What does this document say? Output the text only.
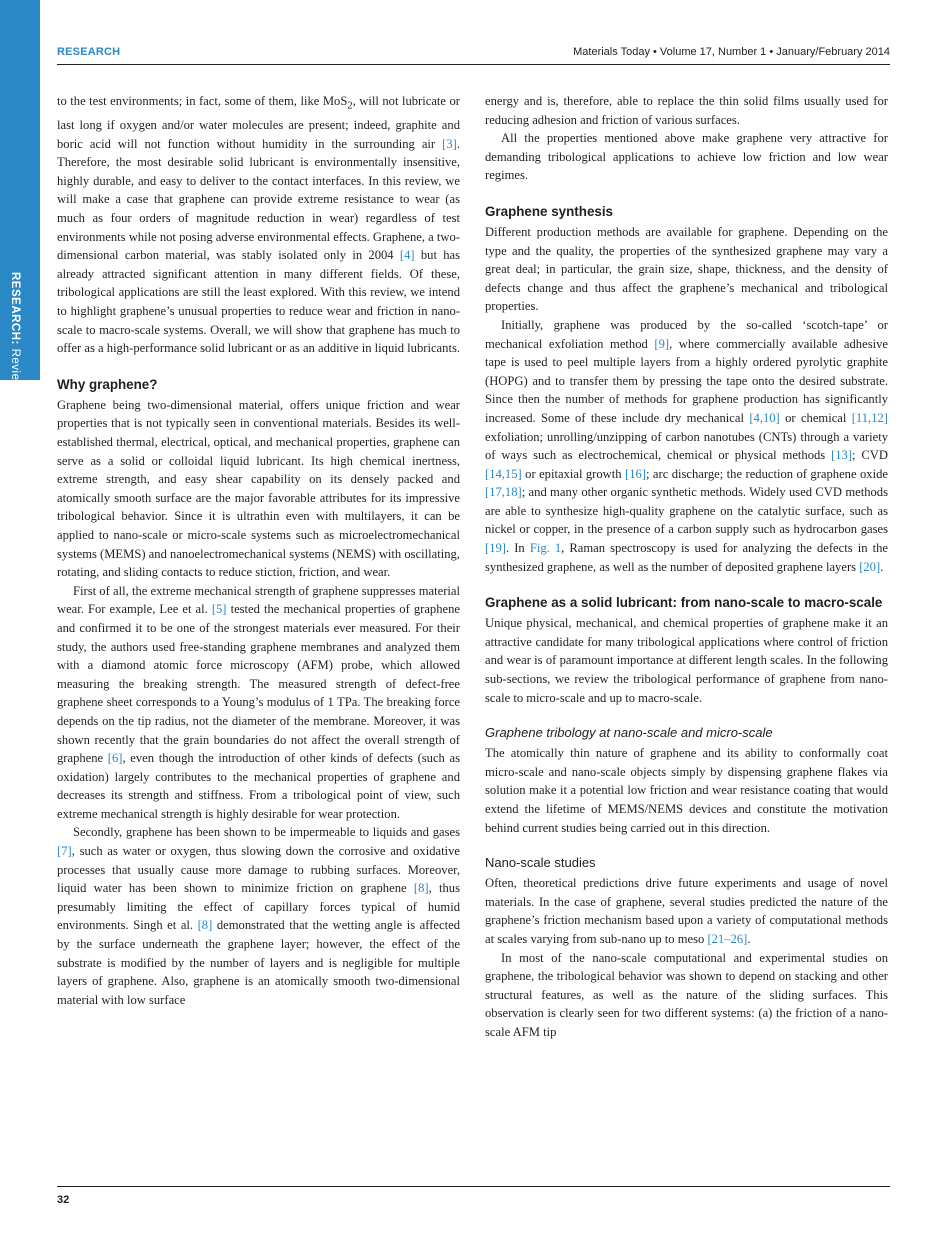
RESEARCH: Review
RESEARCH	Materials Today • Volume 17, Number 1 • January/February 2014

to the test environments; in fact, some of them, like MoS$_2$, will not lubricate or last long if oxygen and/or water molecules are present; indeed, graphite and boric acid will not function without humidity in the surrounding air [3]. Therefore, the most desirable solid lubricant is environmentally insensitive, highly durable, and easy to deliver to the contact interfaces. In this review, we will make a case that graphene can provide extreme resistance to wear (as much as four orders of magnitude reduction in wear) regardless of test environments while not posing adverse environmental effects. Graphene, a two-dimensional carbon material, was stably isolated only in 2004 [4] but has already attracted significant attention in many different fields. Of these, tribological applications are still the least explored. With this review, we intend to highlight graphene’s unusual properties to reduce wear and friction in nano-scale to macro-scale systems. Overall, we will show that graphene has much to offer as a high-performance solid lubricant or as an additive in liquid lubricants.

Why graphene?

Graphene being two-dimensional material, offers unique friction and wear properties that is not typically seen in conventional materials. Besides its well-established thermal, electrical, optical, and mechanical properties, graphene can serve as a solid or colloidal liquid lubricant. Its high chemical inertness, extreme strength, and easy shear capability on its densely packed and atomically smooth surface are the major favorable attributes for its impressive tribological behavior. Since it is ultrathin even with multilayers, it can be applied to nano-scale or micro-scale systems such as microelectromechanical systems (MEMS) and nanoelectromechanical systems (NEMS) with oscillating, rotating, and sliding contacts to reduce stiction, friction, and wear.

First of all, the extreme mechanical strength of graphene suppresses material wear. For example, Lee et al. [5] tested the mechanical properties of graphene and confirmed it to be one of the strongest materials ever measured. For their study, the authors used free-standing graphene membranes and analyzed them with a diamond atomic force microscopy (AFM) probe, which allowed measuring the breaking strength. The measured strength of defect-free graphene sheet corresponds to a Young’s modulus of 1 TPa. The breaking force depends on the tip radius, not the diameter of the membrane. Moreover, it was shown recently that the grain boundaries do not affect the overall strength of graphene [6], even though the introduction of other kinds of defects (such as oxidation) largely contributes to the mechanical properties of graphene and decreases its strength and stiffness. From a tribological point of view, such extreme mechanical strength is highly desirable for wear protection.

Secondly, graphene has been shown to be impermeable to liquids and gases [7], such as water or oxygen, thus slowing down the corrosive and oxidative processes that usually cause more damage to rubbing surfaces. Moreover, liquid water has been shown to minimize friction on graphene [8], thus presumably limiting the effect of capillary forces typical of humid environments. Singh et al. [8] demonstrated that the wetting angle is affected by the surface underneath the graphene layer; however, the effect of the substrate is modified by the number of layers and is negligible for multiple layers of graphene. Also, graphene is an atomically smooth two-dimensional material with low surface

energy and is, therefore, able to replace the thin solid films usually used for reducing adhesion and friction of various surfaces.

All the properties mentioned above make graphene very attractive for demanding tribological applications to achieve low friction and low wear regimes.

Graphene synthesis

Different production methods are available for graphene. Depending on the type and the quality, the properties of the synthesized graphene may vary a great deal; in particular, the grain size, shape, thickness, and the density of defects change and thus affect the graphene’s mechanical and tribological properties.

Initially, graphene was produced by the so-called ‘scotch-tape’ or mechanical exfoliation method [9], where commercially available adhesive tape is used to peel multiple layers from a highly ordered pyrolytic graphite (HOPG) and to transfer them by pressing the tape onto the desired substrate. Since then the number of methods for graphene production has significantly increased. Some of these include dry mechanical [4,10] or chemical [11,12] exfoliation; unrolling/unzipping of carbon nanotubes (CNTs) through a variety of ways such as electrochemical, chemical or physical methods [13]; CVD [14,15] or epitaxial growth [16]; arc discharge; the reduction of graphene oxide [17,18]; and many other organic synthetic methods. Widely used CVD methods are able to synthesize high-quality graphene on the catalytic surface, such as nickel or copper, in the presence of a carbon supply such as hydrocarbon gases [19]. In Fig. 1, Raman spectroscopy is used for analyzing the defects in the synthesized graphene, as well as the number of deposited graphene layers [20].

Graphene as a solid lubricant: from nano-scale to macro-scale

Unique physical, mechanical, and chemical properties of graphene make it an attractive candidate for many tribological applications where control of friction and wear is of paramount importance at different length scales. In the following sub-sections, we review the tribological performance of graphene from nano-scale to micro-scale and up to macro-scale.

Graphene tribology at nano-scale and micro-scale

The atomically thin nature of graphene and its ability to conformally coat micro-scale and nano-scale objects simply by dispensing graphene flakes via solution make it a potential low friction and wear resistance coating that would extend the lifetime of MEMS/NEMS devices and constitute the motivation behind current studies being carried out in this direction.

Nano-scale studies

Often, theoretical predictions drive future experiments and usage of novel materials. In the case of graphene, several studies predicted the nature of the graphene’s friction mechanism based upon a variety of computational methods at scales varying from sub-nano up to meso [21–26].

In most of the nano-scale computational and experimental studies on graphene, the tribological behavior was shown to depend on stacking and other structural features, as well as the nature of the sliding surfaces. This observation is clearly seen for two different systems: (a) the friction of a nano-scale AFM tip

32
